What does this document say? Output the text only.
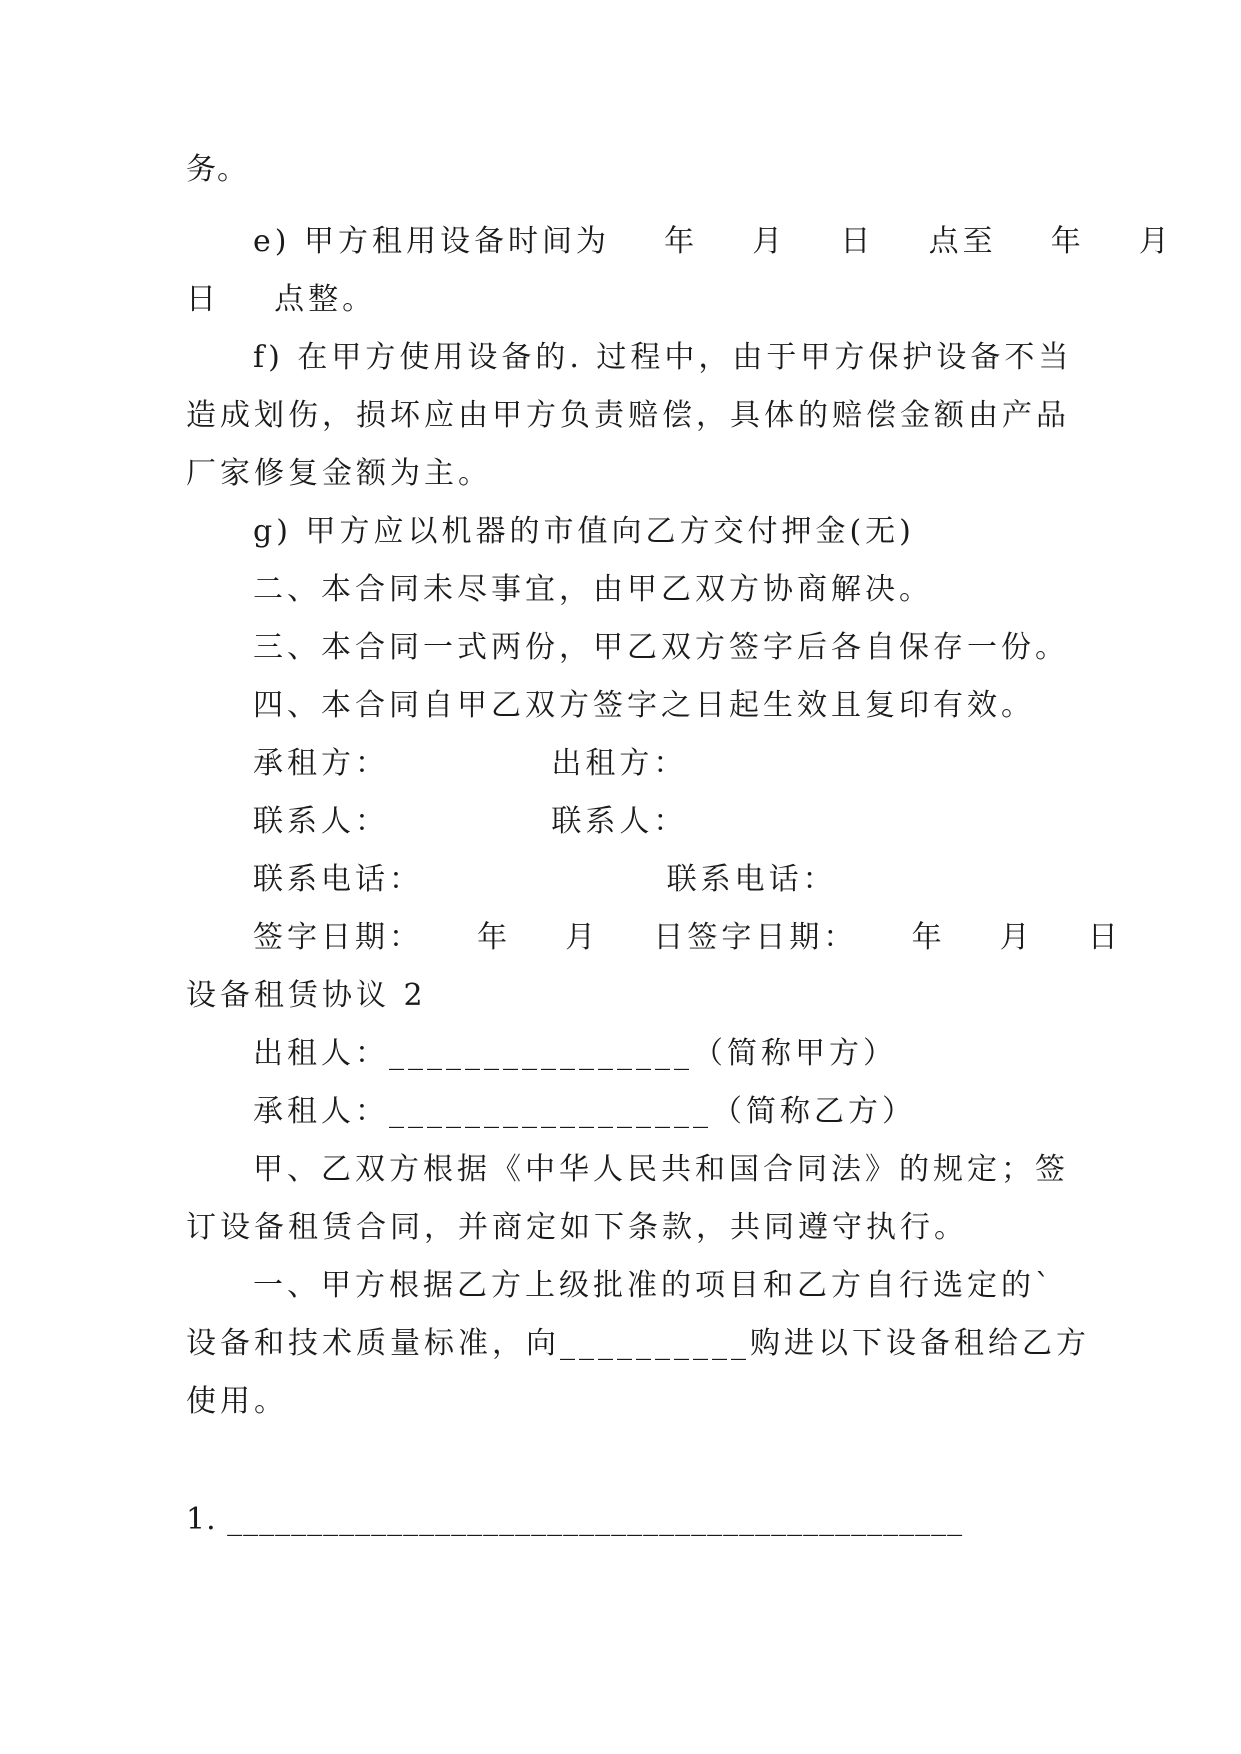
务。
e) 甲方租用设备时间为    年    月    日    点至    年    月
日    点整。
f) 在甲方使用设备的. 过程中，由于甲方保护设备不当
造成划伤，损坏应由甲方负责赔偿，具体的赔偿金额由产品
厂家修复金额为主。
g) 甲方应以机器的市值向乙方交付押金(无)
二、本合同未尽事宜，由甲乙双方协商解决。
三、本合同一式两份，甲乙双方签字后各自保存一份。
四、本合同自甲乙双方签字之日起生效且复印有效。
承租方：            出租方：
联系人：            联系人：
联系电话：                  联系电话：
签字日期：    年    月    日签字日期：    年    月    日
设备租赁协议 2
出租人：________________（简称甲方）
承租人：_________________（简称乙方）
甲、乙双方根据《中华人民共和国合同法》的规定；签
订设备租赁合同，并商定如下条款，共同遵守执行。
一、甲方根据乙方上级批准的项目和乙方自行选定的`
设备和技术质量标准，向__________购进以下设备租给乙方
使用。
1. ______________________________________________
